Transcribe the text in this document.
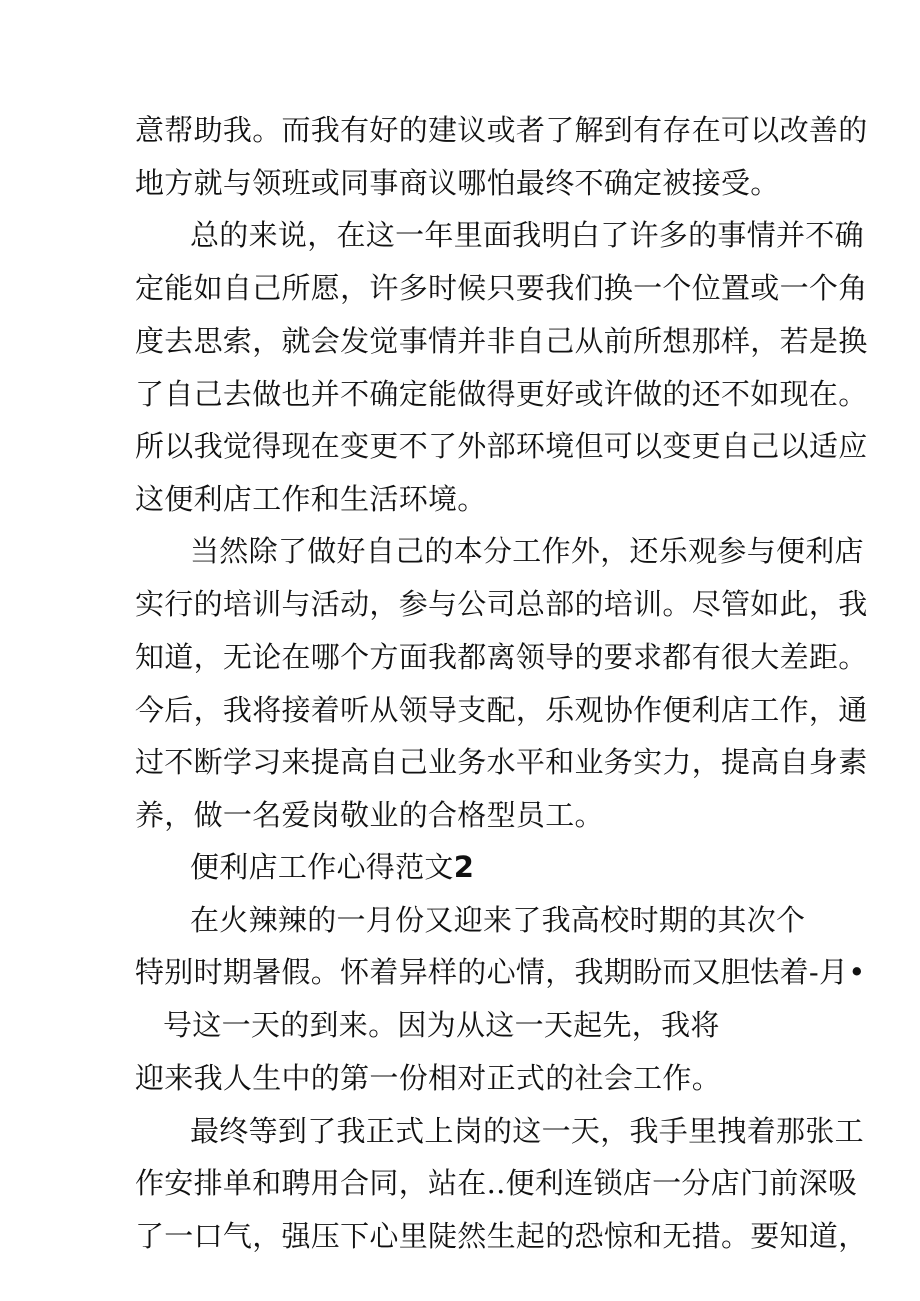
意帮助我。而我有好的建议或者了解到有存在可以改善的
地方就与领班或同事商议哪怕最终不确定被接受。
总的来说，在这一年里面我明白了许多的事情并不确
定能如自己所愿，许多时候只要我们换一个位置或一个角
度去思索，就会发觉事情并非自己从前所想那样，若是换
了自己去做也并不确定能做得更好或许做的还不如现在。
所以我觉得现在变更不了外部环境但可以变更自己以适应
这便利店工作和生活环境。
当然除了做好自己的本分工作外，还乐观参与便利店
实行的培训与活动，参与公司总部的培训。尽管如此，我
知道，无论在哪个方面我都离领导的要求都有很大差距。
今后，我将接着听从领导支配，乐观协作便利店工作，通
过不断学习来提高自己业务水平和业务实力，提高自身素
养，做一名爱岗敬业的合格型员工。
便利店工作心得范文2
在火辣辣的一月份又迎来了我高校时期的其次个
特别时期暑假。怀着异样的心情，我期盼而又胆怯着-月•
号这一天的到来。因为从这一天起先，我将
迎来我人生中的第一份相对正式的社会工作。
最终等到了我正式上岗的这一天，我手里拽着那张工
作安排单和聘用合同，站在..便利连锁店一分店门前深吸
了一口气，强压下心里陡然生起的恐惊和无措。要知道，
